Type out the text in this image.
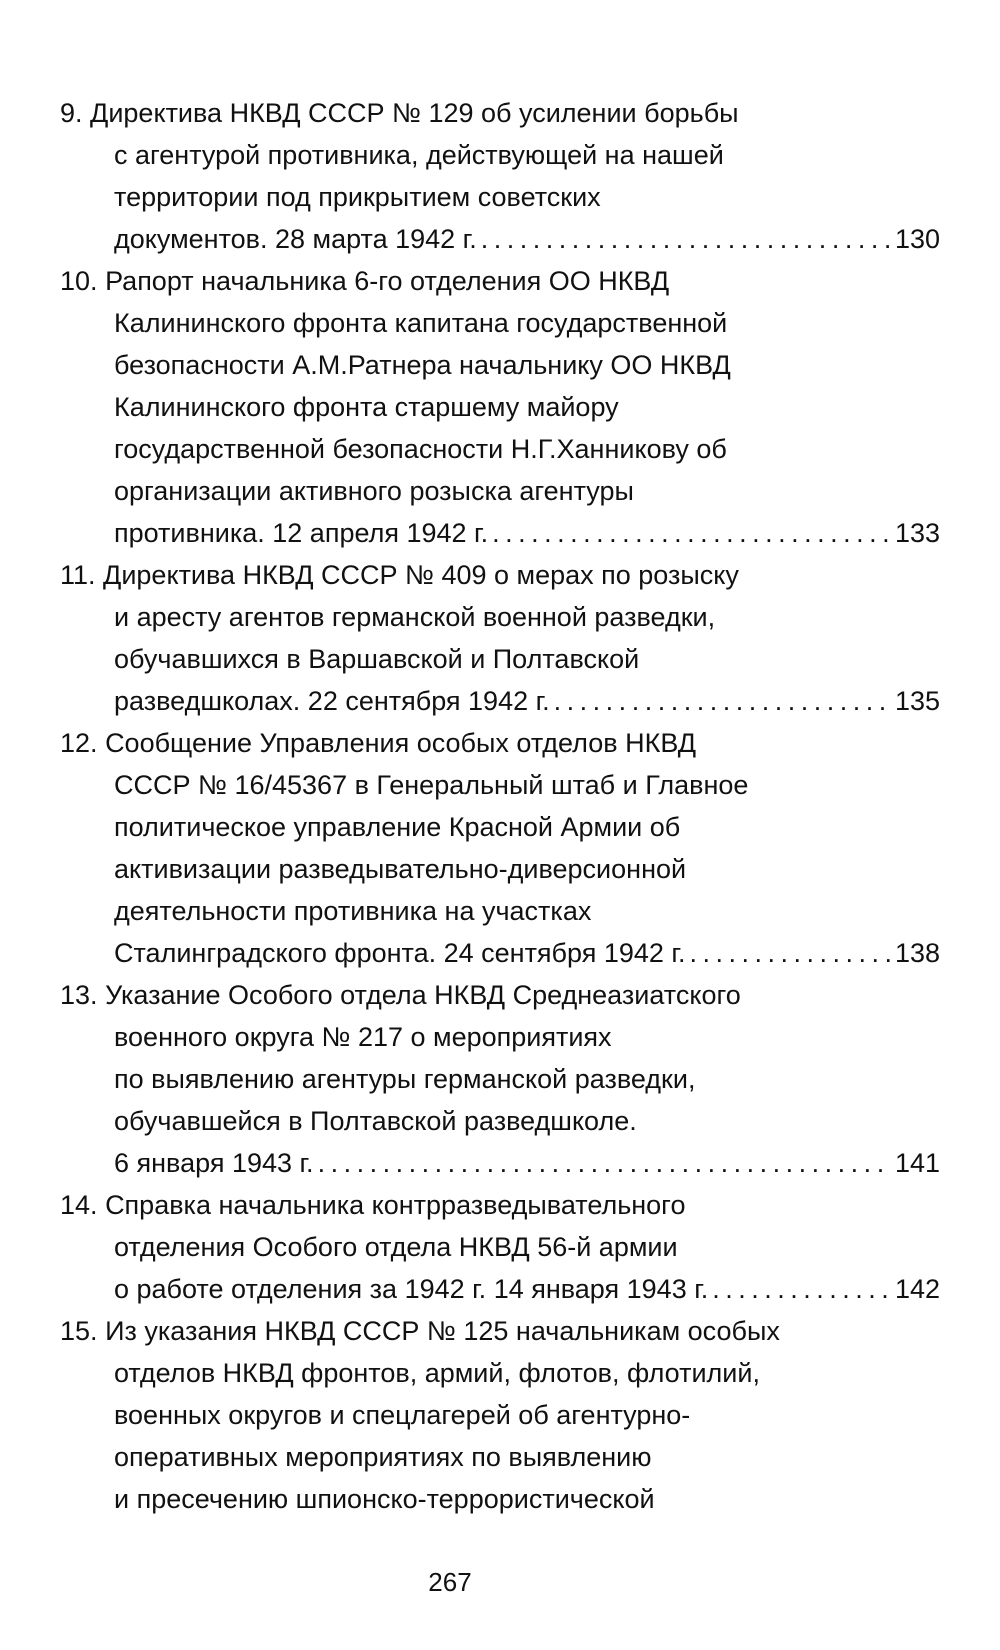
9. Директива НКВД СССР № 129 об усилении борьбы
с агентурой противника, действующей на нашей
территории под прикрытием советских
документов. 28 марта 1942 г. . . .	130
10. Рапорт начальника 6-го отделения ОО НКВД
Калининского фронта капитана государственной
безопасности А.М.Ратнера начальнику ОО НКВД
Калининского фронта старшему майору
государственной безопасности Н.Г.Ханникову об
организации активного розыска агентуры
противника. 12 апреля 1942 г. . . .	133
11. Директива НКВД СССР № 409 о мерах по розыску
и аресту агентов германской военной разведки,
обучавшихся в Варшавской и Полтавской
разведшколах. 22 сентября 1942 г. . . .	135
12. Сообщение Управления особых отделов НКВД
СССР № 16/45367 в Генеральный штаб и Главное
политическое управление Красной Армии об
активизации разведывательно-диверсионной
деятельности противника на участках
Сталинградского фронта. 24 сентября 1942 г. . . .	138
13. Указание Особого отдела НКВД Среднеазиатского
военного округа № 217 о мероприятиях
по выявлению агентуры германской разведки,
обучавшейся в Полтавской разведшколе.
6 января 1943 г. . . .	141
14. Справка начальника контрразведывательного
отделения Особого отдела НКВД 56-й армии
о работе отделения за 1942 г. 14 января 1943 г. . . .	142
15. Из указания НКВД СССР № 125 начальникам особых
отделов НКВД фронтов, армий, флотов, флотилий,
военных округов и спецлагерей об агентурно-
оперативных мероприятиях по выявлению
и пресечению шпионско-террористической
267
